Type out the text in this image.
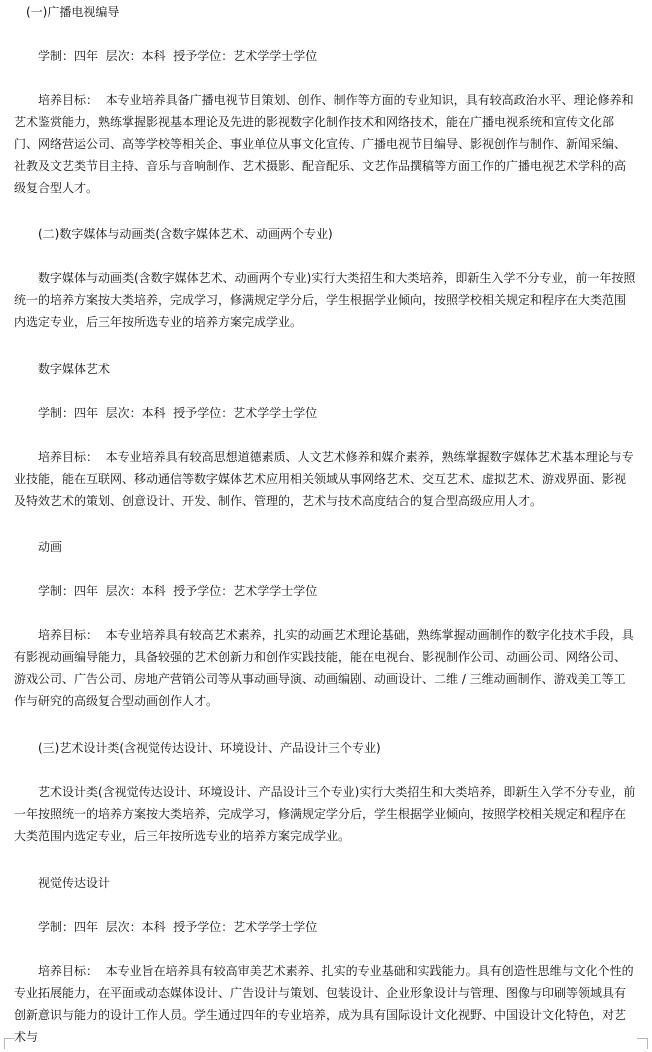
(一)广播电视编导
学制：四年  层次：本科  授予学位：艺术学学士学位
　　培养目标：  本专业培养具备广播电视节目策划、创作、制作等方面的专业知识，具有较高政治水平、理论修养和艺术鉴赏能力，熟练掌握影视基本理论及先进的影视数字化制作技术和网络技术，能在广播电视系统和宣传文化部门、网络营运公司、高等学校等相关企、事业单位从事文化宣传、广播电视节目编导、影视创作与制作、新闻采编、社教及文艺类节目主持、音乐与音响制作、艺术摄影、配音配乐、文艺作品撰稿等方面工作的广播电视艺术学科的高级复合型人才。
(二)数字媒体与动画类(含数字媒体艺术、动画两个专业)
　　数字媒体与动画类(含数字媒体艺术、动画两个专业)实行大类招生和大类培养，即新生入学不分专业，前一年按照统一的培养方案按大类培养，完成学习，修满规定学分后，学生根据学业倾向，按照学校相关规定和程序在大类范围内选定专业，后三年按所选专业的培养方案完成学业。
数字媒体艺术
学制：四年  层次：本科  授予学位：艺术学学士学位
　　培养目标：  本专业培养具有较高思想道德素质、人文艺术修养和媒介素养，熟练掌握数字媒体艺术基本理论与专业技能，能在互联网、移动通信等数字媒体艺术应用相关领域从事网络艺术、交互艺术、虚拟艺术、游戏界面、影视及特效艺术的策划、创意设计、开发、制作、管理的，艺术与技术高度结合的复合型高级应用人才。
动画
学制：四年  层次：本科  授予学位：艺术学学士学位
　　培养目标：  本专业培养具有较高艺术素养，扎实的动画艺术理论基础，熟练掌握动画制作的数字化技术手段，具有影视动画编导能力，具备较强的艺术创新力和创作实践技能，能在电视台、影视制作公司、动画公司、网络公司、游戏公司、广告公司、房地产营销公司等从事动画导演、动画编剧、动画设计、二维 / 三维动画制作、游戏美工等工作与研究的高级复合型动画创作人才。
(三)艺术设计类(含视觉传达设计、环境设计、产品设计三个专业)
　　艺术设计类(含视觉传达设计、环境设计、产品设计三个专业)实行大类招生和大类培养，即新生入学不分专业，前一年按照统一的培养方案按大类培养，完成学习，修满规定学分后，学生根据学业倾向，按照学校相关规定和程序在大类范围内选定专业，后三年按所选专业的培养方案完成学业。
视觉传达设计
学制：四年  层次：本科  授予学位：艺术学学士学位
　　培养目标：  本专业旨在培养具有较高审美艺术素养、扎实的专业基础和实践能力。具有创造性思维与文化个性的专业拓展能力，在平面或动态媒体设计、广告设计与策划、包装设计、企业形象设计与管理、图像与印刷等领域具有创新意识与能力的设计工作人员。学生通过四年的专业培养，成为具有国际设计文化视野、中国设计文化特色，对艺术与
